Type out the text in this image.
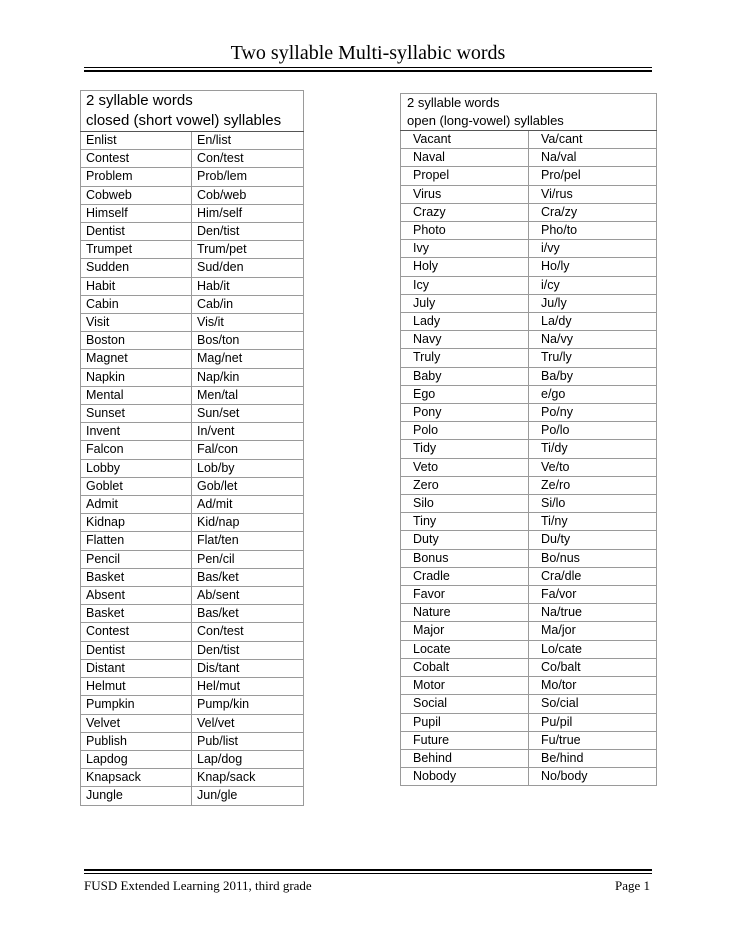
Two syllable Multi-syllabic words
2 syllable words	
closed (short vowel) syllables	
Enlist	En/list
Contest	Con/test
Problem	Prob/lem
Cobweb	Cob/web
Himself	Him/self
Dentist	Den/tist
Trumpet	Trum/pet
Sudden	Sud/den
Habit	Hab/it
Cabin	Cab/in
Visit	Vis/it
Boston	Bos/ton
Magnet	Mag/net
Napkin	Nap/kin
Mental	Men/tal
Sunset	Sun/set
Invent	In/vent
Falcon	Fal/con
Lobby	Lob/by
Goblet	Gob/let
Admit	Ad/mit
Kidnap	Kid/nap
Flatten	Flat/ten
Pencil	Pen/cil
Basket	Bas/ket
Absent	Ab/sent
Basket	Bas/ket
Contest	Con/test
Dentist	Den/tist
Distant	Dis/tant
Helmut	Hel/mut
Pumpkin	Pump/kin
Velvet	Vel/vet
Publish	Pub/list
Lapdog	Lap/dog
Knapsack	Knap/sack
Jungle	Jun/gle
2 syllable words	
open (long-vowel) syllables	
Vacant	Va/cant
Naval	Na/val
Propel	Pro/pel
Virus	Vi/rus
Crazy	Cra/zy
Photo	Pho/to
Ivy	i/vy
Holy	Ho/ly
Icy	i/cy
July	Ju/ly
Lady	La/dy
Navy	Na/vy
Truly	Tru/ly
Baby	Ba/by
Ego	e/go
Pony	Po/ny
Polo	Po/lo
Tidy	Ti/dy
Veto	Ve/to
Zero	Ze/ro
Silo	Si/lo
Tiny	Ti/ny
Duty	Du/ty
Bonus	Bo/nus
Cradle	Cra/dle
Favor	Fa/vor
Nature	Na/true
Major	Ma/jor
Locate	Lo/cate
Cobalt	Co/balt
Motor	Mo/tor
Social	So/cial
Pupil	Pu/pil
Future	Fu/true
Behind	Be/hind
Nobody	No/body
FUSD Extended Learning 2011, third grade	Page 1
